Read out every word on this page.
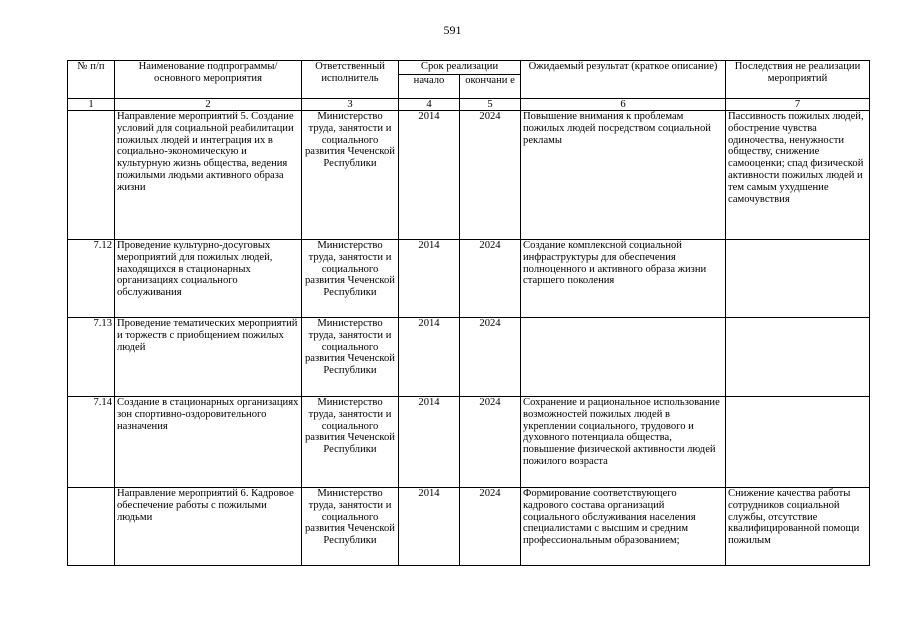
591
№ п/п	Наименование подпрограммы/ основного мероприятия	Ответственный исполнитель	Срок реализации		Ожидаемый результат (краткое описание)	Последствия не реализации мероприятий
			начало	окончани е		
1	2	3	4	5	6	7
	Направление мероприятий 5. Создание условий для социальной реабилитации пожилых людей и интеграция их в социально-экономическую и культурную жизнь общества, ведения пожилыми людьми активного образа жизни	Министерство труда, занятости и социального развития Чеченской Республики	2014	2024	Повышение внимания к проблемам пожилых людей посредством социальной рекламы	Пассивность пожилых людей, обострение чувства одиночества, ненужности обществу, снижение самооценки; спад физической активности пожилых людей и тем самым ухудшение самочувствия
7.12	Проведение культурно-досуговых мероприятий для пожилых людей, находящихся в стационарных организациях социального обслуживания	Министерство труда, занятости и социального развития Чеченской Республики	2014	2024	Создание комплексной социальной инфраструктуры для обеспечения полноценного и активного образа жизни старшего поколения	
7.13	Проведение тематических мероприятий и торжеств с приобщением пожилых людей	Министерство труда, занятости и социального развития Чеченской Республики	2014	2024		
7.14	Создание в стационарных организациях зон спортивно-оздоровительного назначения	Министерство труда, занятости и социального развития Чеченской Республики	2014	2024	Сохранение и рациональное использование возможностей пожилых людей в укреплении социального, трудового и духовного потенциала общества, повышение физической активности людей пожилого возраста	
	Направление мероприятий 6. Кадровое обеспечение работы с пожилыми людьми	Министерство труда, занятости и социального развития Чеченской Республики	2014	2024	Формирование соответствующего кадрового состава организаций социального обслуживания населения специалистами с высшим и средним профессиональным образованием;	Снижение качества работы сотрудников социальной службы, отсутствие квалифицированной помощи пожилым
